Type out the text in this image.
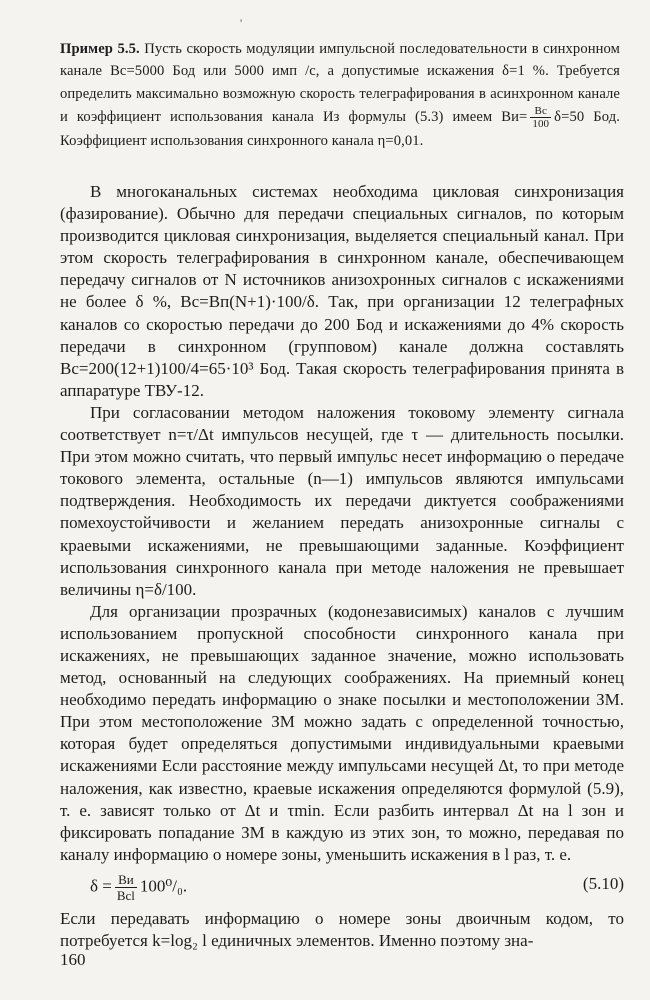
'

Пример 5.5. Пусть скорость модуляции импульсной последовательности в синхронном канале Bс=5000 Бод или 5000 имп /с, а допустимые искажения δ=1 %. Требуется определить максимально возможную скорость телеграфирования в асинхронном канале и коэффициент использования канала Из формулы (5.3) имеем $Bи= \frac{Bс}{100} \delta=50$ Бод. Коэффициент использования синхронного канала η=0,01.

В многоканальных системах необходима цикловая синхронизация (фазирование). Обычно для передачи специальных сигналов, по которым производится цикловая синхронизация, выделяется специальный канал. При этом скорость телеграфирования в синхронном канале, обеспечивающем передачу сигналов от N источников анизохронных сигналов с искажениями не более δ %, Bс=Bп(N+1)·100/δ. Так, при организации 12 телеграфных каналов со скоростью передачи до 200 Бод и искажениями до 4% скорость передачи в синхронном (групповом) канале должна составлять Bс=200(12+1)100/4=65·10³ Бод. Такая скорость телеграфирования принята в аппаратуре ТВУ-12.

При согласовании методом наложения токовому элементу сигнала соответствует n=τ/Δt импульсов несущей, где τ — длительность посылки. При этом можно считать, что первый импульс несет информацию о передаче токового элемента, остальные (n—1) импульсов являются импульсами подтверждения. Необходимость их передачи диктуется соображениями помехоустойчивости и желанием передать анизохронные сигналы с краевыми искажениями, не превышающими заданные. Коэффициент использования синхронного канала при методе наложения не превышает величины η=δ/100.

Для организации прозрачных (кодонезависимых) каналов с лучшим использованием пропускной способности синхронного канала при искажениях, не превышающих заданное значение, можно использовать метод, основанный на следующих соображениях. На приемный конец необходимо передать информацию о знаке посылки и местоположении ЗМ. При этом местоположение ЗМ можно задать с определенной точностью, которая будет определяться допустимыми индивидуальными краевыми искажениями Если расстояние между импульсами несущей Δt, то при методе наложения, как известно, краевые искажения определяются формулой (5.9), т. е. зависят только от Δt и τmin. Если разбить интервал Δt на l зон и фиксировать попадание ЗМ в каждую из этих зон, то можно, передавая по каналу информацию о номере зоны, уменьшить искажения в l раз, т. е.

$\delta = \frac{Bи}{\text{Bсl}} 100^0/_0$.	(5.10)

Если передавать информацию о номере зоны двоичным кодом, то потребуется k=log₂ l единичных элементов. Именно поэтому зна-

160
